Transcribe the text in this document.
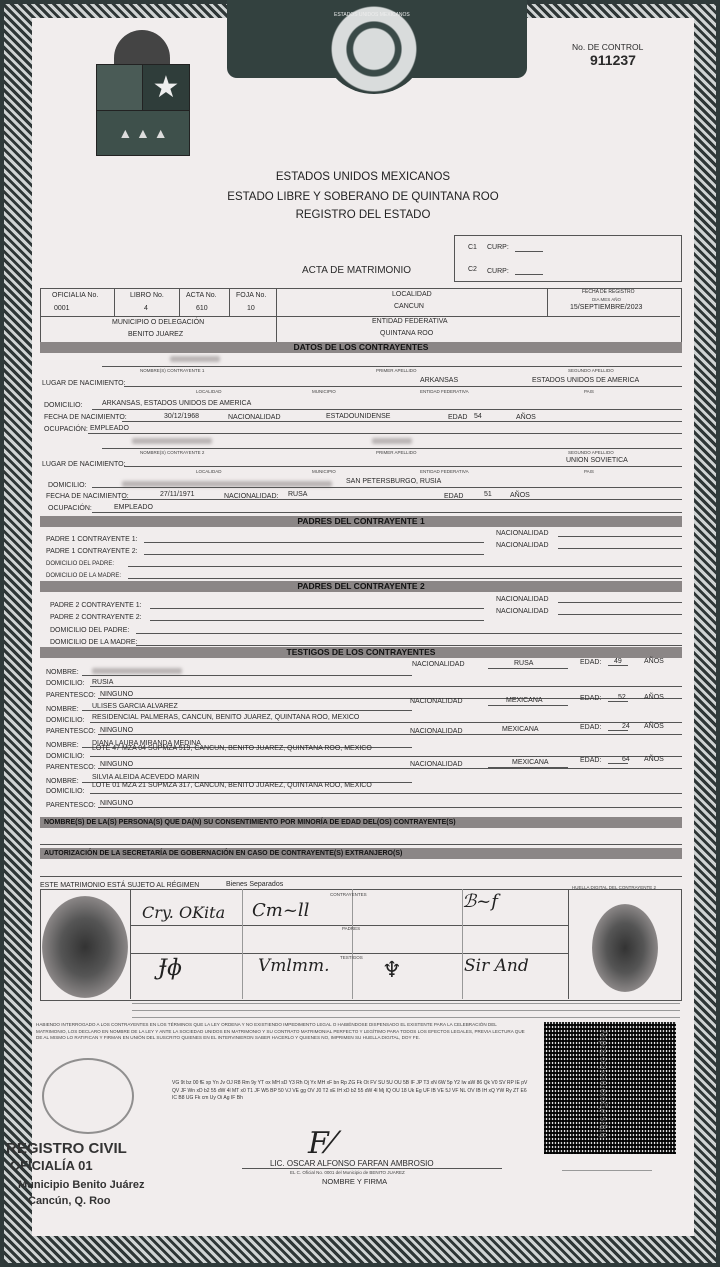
ESTADOS UNIDOS MEXICANOS
★
▲ ▲ ▲
No. DE CONTROL
911237
ESTADOS UNIDOS MEXICANOS
ESTADO LIBRE Y SOBERANO DE QUINTANA ROO
REGISTRO DEL ESTADO
ACTA DE MATRIMONIO
C1 CURP:
C2 CURP:
OFICIALIA No.
0001
LIBRO No.
4
ACTA No.
610
FOJA No.
10
LOCALIDAD
CANCUN
FECHA DE REGISTRO
DIA MES AÑO
15/SEPTIEMBRE/2023
MUNICIPIO O DELEGACIÓN
BENITO JUAREZ
ENTIDAD FEDERATIVA
QUINTANA ROO
DATOS DE LOS CONTRAYENTES
NOMBRE(S) CONTRAYENTE 1	PRIMER APELLIDO	SEGUNDO APELLIDO
LUGAR DE NACIMIENTO:	ARKANSAS	ESTADOS UNIDOS DE AMERICA
LOCALIDAD	MUNICIPIO	ENTIDAD FEDERATIVA	PAIS
DOMICILIO:	ARKANSAS, ESTADOS UNIDOS DE AMERICA
FECHA DE NACIMIENTO:	30/12/1968	NACIONALIDAD	ESTADOUNIDENSE	EDAD 54	AÑOS
OCUPACIÓN: EMPLEADO
NOMBRE(S) CONTRAYENTE 2	PRIMER APELLIDO	SEGUNDO APELLIDO
LUGAR DE NACIMIENTO:
UNION SOVIETICA
LOCALIDAD	MUNICIPIO	ENTIDAD FEDERATIVA	PAIS
DOMICILIO:
SAN PETERSBURGO, RUSIA
FECHA DE NACIMIENTO:	27/11/1971	NACIONALIDAD: RUSA	EDAD	51	AÑOS
OCUPACIÓN:	EMPLEADO
PADRES DEL CONTRAYENTE 1
PADRE 1 CONTRAYENTE 1:
NACIONALIDAD
PADRE 1 CONTRAYENTE 2:
NACIONALIDAD
DOMICILIO DEL PADRE:
DOMICILIO DE LA MADRE:
PADRES DEL CONTRAYENTE 2
PADRE 2 CONTRAYENTE 1:
NACIONALIDAD
PADRE 2 CONTRAYENTE 2:
NACIONALIDAD
DOMICILIO DEL PADRE:
DOMICILIO DE LA MADRE:
TESTIGOS DE LOS CONTRAYENTES
NOMBRE:
NACIONALIDAD	RUSA	EDAD: 49	AÑOS
DOMICILIO: RUSIA
PARENTESCO: NINGUNO
NOMBRE: ULISES GARCIA ALVAREZ
NACIONALIDAD	MEXICANA	EDAD: 52	AÑOS
DOMICILIO: RESIDENCIAL PALMERAS, CANCUN, BENITO JUAREZ, QUINTANA ROO, MEXICO
PARENTESCO: NINGUNO
NOMBRE: DIANA LAURA MIRANDA MEDINA
NACIONALIDAD	MEXICANA	EDAD:	24 AÑOS
DOMICILIO:
LOTE 47 MZA 04 SUPMZA 519, CANCUN, BENITO JUAREZ, QUINTANA ROO, MEXICO
PARENTESCO: NINGUNO
NOMBRE:
SILVIA ALEIDA ACEVEDO MARIN
NACIONALIDAD	MEXICANA	EDAD:	64 AÑOS
DOMICILIO:
LOTE 01 MZA 21 SUPMZA 317, CANCUN, BENITO JUAREZ, QUINTANA ROO, MEXICO
PARENTESCO: NINGUNO
NOMBRE(S) DE LA(S) PERSONA(S) QUE DA(N) SU CONSENTIMIENTO POR MINORÍA DE EDAD DEL(OS) CONTRAYENTE(S)
AUTORIZACIÓN DE LA SECRETARÍA DE GOBERNACIÓN EN CASO DE CONTRAYENTE(S) EXTRANJERO(S)
ESTE MATRIMONIO ESTÁ SUJETO AL RÉGIMEN	Bienes Separados
CONTRAYENTES
PADRES
TESTIGOS
HUELLA DIGITAL DEL CONTRAYENTE 2
Cry. OKita Cm~ll	ℬ~f
Ɉɸ	Vmlmm. ♆	Sir And
HABIENDO INTERROGADO A LOS CONTRAYENTES EN LOS TÉRMINOS QUE LA LEY ORDENA Y NO EXISTIENDO IMPEDIMENTO LEGAL O HABIÉNDOSE DISPENSADO EL EXISTENTE PARA LA CELEBRACIÓN DEL MATRIMONIO, LOS DECLARO EN NOMBRE DE LA LEY Y ANTE LA SOCIEDAD UNIDOS EN MATRIMONIO Y SU CONTRATO MATRIMONIAL PERFECTO Y LEGÍTIMO PARA TODOS LOS EFECTOS LEGALES, PREVIA LECTURA QUE DE AL MISMO LO RATIFICAN Y FIRMAN EN UNIÓN DEL SUSCRITO QUIENES EN EL INTERVINIERON SABER HACERLO Y QUIENES NO, IMPRIMEN SU HUELLA DIGITAL, DOY FE.
VG 9t bz 00 fE xp Yn Jv OJ R8 Rm 9y YT ox MH sD Y3 Rh Oj Yx MH xF bn Rp ZG Fk Ot FV SU 5U OU 5B IF JP T3 xN 6W 5p Y2 Iw aW 86 Qk V0 SV RP IE pV QV JF Wn xD b2 55 dW 4l MT x0 T1 JF W5 BP 50 VJ VE gg OV J0 T2 xE IH xD b2 55 dW 4l Mj IQ OU 18 Uk Eg UF IB VE 5J VF NL OV IB IH xQ YW Ry ZT E6 IC B8 UG Fk cm Uy Oi Ag IF Bh
F⁄
LIC. OSCAR ALFONSO FARFAN AMBROSIO
EL C. Oficial No. 0001 del Municipio de BENITO JUAREZ
NOMBRE Y FIRMA
REGISTRO CIVIL
OFICIALÍA 01
Municipio Benito Juárez
Cancún, Q. Roo
https://gotomexico.today
